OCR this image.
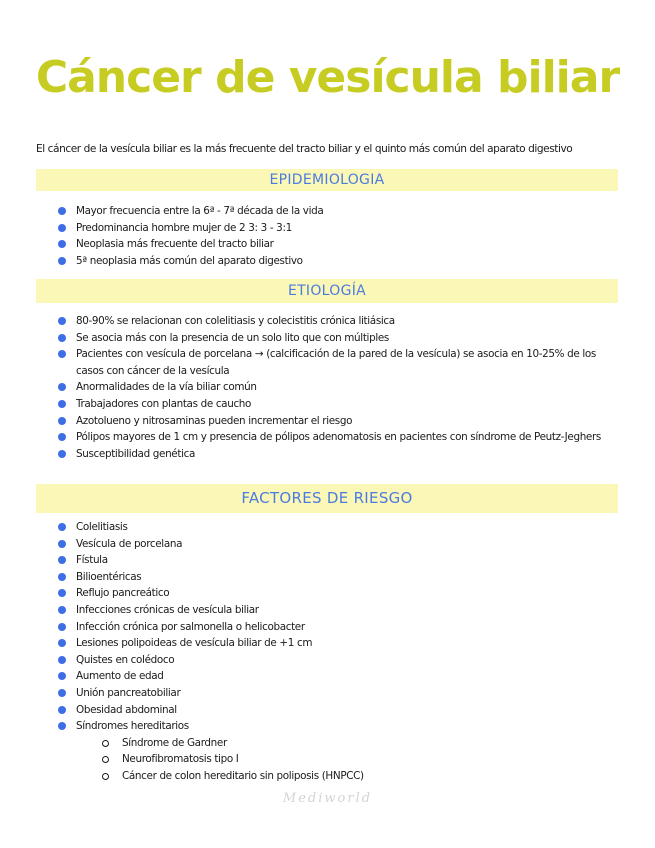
Cáncer de vesícula biliar
El cáncer de la vesícula biliar es la más frecuente del tracto biliar y el quinto más común del aparato digestivo
EPIDEMIOLOGIA
Mayor frecuencia entre la 6ª - 7ª década de la vida
Predominancia hombre mujer de 2 3: 3 - 3:1
Neoplasia más frecuente del tracto biliar
5ª neoplasia más común del aparato digestivo
ETIOLOGÍA
80-90% se relacionan con colelitiasis y colecistitis crónica litiásica
Se asocia más con la presencia de un solo lito que con múltiples
Pacientes con vesícula de porcelana → (calcificación de la pared de la vesícula) se asocia en 10-25% de los casos con cáncer de la vesícula
Anormalidades de la vía biliar común
Trabajadores con plantas de caucho
Azotolueno y nitrosaminas pueden incrementar el riesgo
Pólipos mayores de 1 cm y presencia de pólipos adenomatosis en pacientes con síndrome de Peutz-Jeghers
Susceptibilidad genética
FACTORES DE RIESGO
Colelitiasis
Vesícula de porcelana
Fístula
Bilioentéricas
Reflujo pancreático
Infecciones crónicas de vesícula biliar
Infección crónica por salmonella o helicobacter
Lesiones polipoideas de vesícula biliar de +1 cm
Quistes en colédoco
Aumento de edad
Unión pancreatobiliar
Obesidad abdominal
Síndromes hereditarios
Síndrome de Gardner
Neurofibromatosis tipo I
Cáncer de colon hereditario sin poliposis (HNPCC)
Mediworld
